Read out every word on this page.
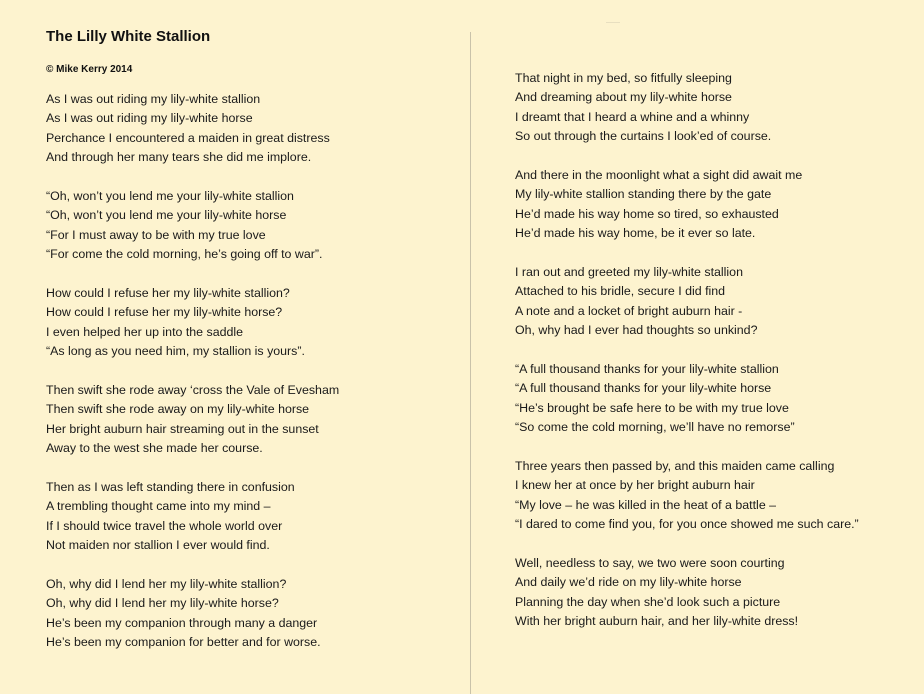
The Lilly White Stallion
© Mike Kerry 2014
As I was out riding my lily-white stallion
As I was out riding my lily-white horse
Perchance I encountered a maiden in great distress
And through her many tears she did me implore.
“Oh, won’t you lend me your lily-white stallion
“Oh, won’t you lend me your lily-white horse
“For I must away to be with my true love
“For come the cold morning, he’s going off to war”.
How could I refuse her my lily-white stallion?
How could I refuse her my lily-white horse?
I even helped her up into the saddle
“As long as you need him, my stallion is yours”.
Then swift she rode away ‘cross the Vale of Evesham
Then swift she rode away on my lily-white horse
Her bright auburn hair streaming out in the sunset
Away to the west she made her course.
Then as I was left standing there in confusion
A trembling thought came into my mind –
If I should twice travel the whole world over
Not maiden nor stallion I ever would find.
Oh, why did I lend her my lily-white stallion?
Oh, why did I lend her my lily-white horse?
He’s been my companion through many a danger
He’s been my companion for better and for worse.
That night in my bed, so fitfully sleeping
And dreaming about my lily-white horse
I dreamt that I heard a whine and a whinny
So out through the curtains I look’ed of course.
And there in the moonlight what a sight did await me
My lily-white stallion standing there by the gate
He’d made his way home so tired, so exhausted
He’d made his way home, be it ever so late.
I ran out and greeted my lily-white stallion
Attached to his bridle, secure I did find
A note and a locket of bright auburn hair -
Oh, why had I ever had thoughts so unkind?
“A full thousand thanks for your lily-white stallion
“A full thousand thanks for your lily-white horse
“He’s brought be safe here to be with my true love
“So come the cold morning, we’ll have no remorse”
Three years then passed by, and this maiden came calling
I knew her at once by her bright auburn hair
“My love – he was killed in the heat of a battle –
“I dared to come find you, for you once showed me such care.”
Well, needless to say, we two were soon courting
And daily we’d ride on my lily-white horse
Planning the day when she’d look such a picture
With her bright auburn hair, and her lily-white dress!
